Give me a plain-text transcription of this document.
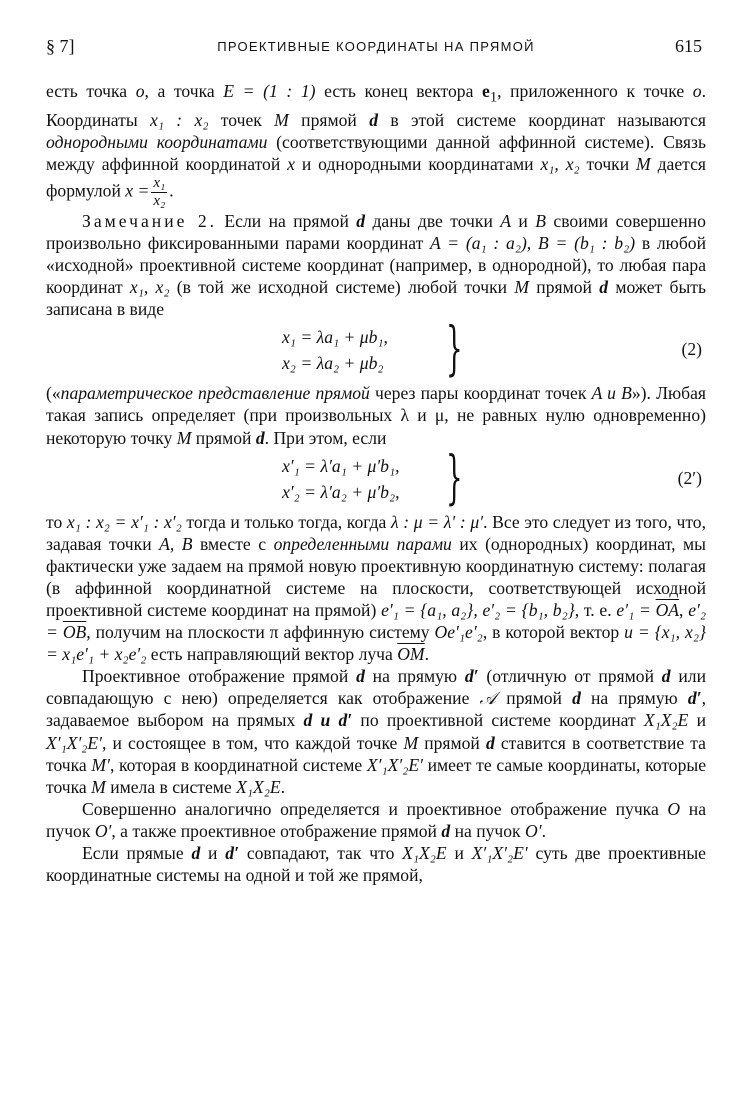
§ 7]	ПРОЕКТИВНЫЕ КООРДИНАТЫ НА ПРЯМОЙ	615

есть точка o, а точка E = (1 : 1) есть конец вектора $e_1$, приложенного к точке o. Координаты x₁ : x₂ точек M прямой d в этой системе координат называются однородными координатами (соответствующими данной аффинной системе). Связь между аффинной координатой x и однородными координатами x₁, x₂ точки M дается формулой $x = \frac{\text{x₁}}{\text{x₂}}$ .

Замечание 2. Если на прямой d даны две точки A и B своими совершенно произвольно фиксированными парами координат A = (a₁ : a₂), B = (b₁ : b₂) в любой «исходной» проективной системе координат (например, в однородной), то любая пара координат x₁, x₂ (в той же исходной системе) любой точки M прямой d может быть записана в виде

x₁ = λa₁ + μb₁,
x₂ = λa₂ + μb₂ }	(2)

(«параметрическое представление прямой через пары координат точек A и B»). Любая такая запись определяет (при произвольных λ и μ, не равных нулю одновременно) некоторую точку M прямой d. При этом, если

x′₁ = λ′a₁ + μ′b₁,
x′₂ = λ′a₂ + μ′b₂, }	(2′)

то x₁ : x₂ = x′₁ : x′₂ тогда и только тогда, когда λ : μ = λ′ : μ′. Все это следует из того, что, задавая точки A, B вместе с определенными парами их (однородных) координат, мы фактически уже задаем на прямой новую проективную координатную систему: полагая (в аффинной координатной системе на плоскости, соответствующей исходной проективной системе координат на прямой) e′₁ = {a₁, a₂}, e′₂ = {b₁, b₂}, т. е. $e'_1 = \overline{OA}$, $e'_2 = \overline{OB}$, получим на плоскости π аффинную систему Oe′₁e′₂, в которой вектор u = {x₁, x₂} = x₁e′₁ + x₂e′₂ есть направляющий вектор луча $\overline{OM}$.

Проективное отображение прямой d на прямую d′ (отличную от прямой d или совпадающую с нею) определяется как отображение 𝒜 прямой d на прямую d′, задаваемое выбором на прямых d и d′ по проективной системе координат X₁X₂E и X′₁X′₂E′, и состоящее в том, что каждой точке M прямой d ставится в соответствие та точка M′, которая в координатной системе X′₁X′₂E′ имеет те самые координаты, которые точка M имела в системе X₁X₂E.

Совершенно аналогично определяется и проективное отображение пучка O на пучок O′, а также проективное отображение прямой d на пучок O′.

Если прямые d и d′ совпадают, так что X₁X₂E и X′₁X′₂E′ суть две проективные координатные системы на одной и той же прямой,
